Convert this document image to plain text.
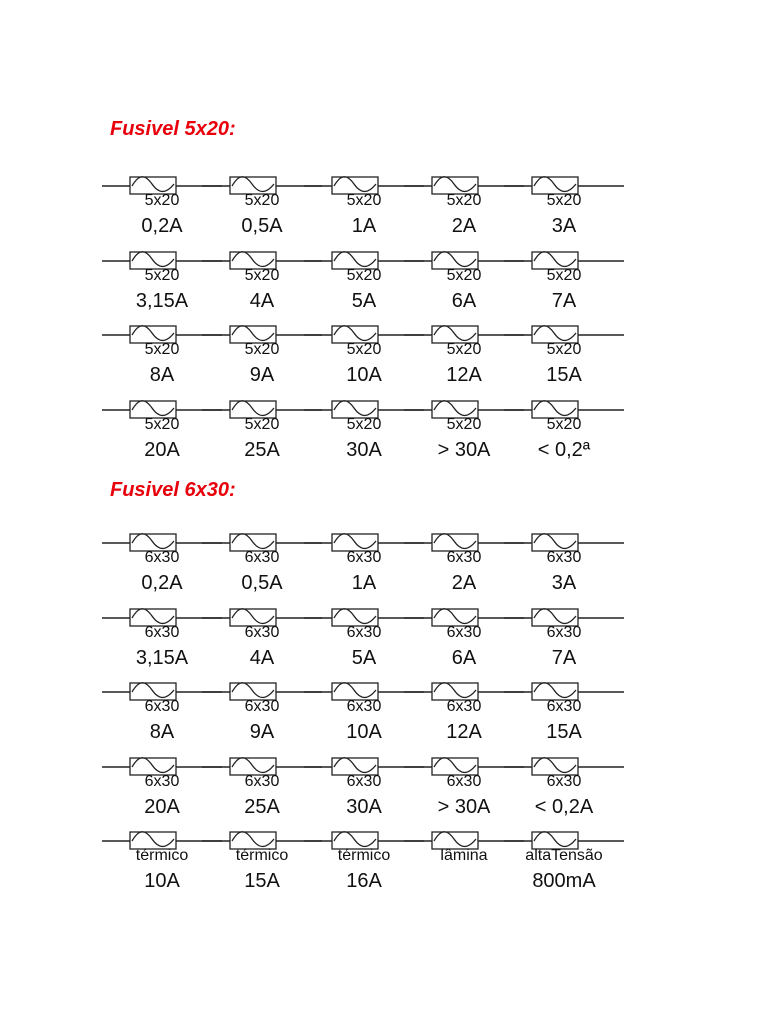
Fusivel 5x20:
5x20
0,2A
5x20
0,5A
5x20
1A
5x20
2A
5x20
3A
5x20
3,15A
5x20
4A
5x20
5A
5x20
6A
5x20
7A
5x20
8A
5x20
9A
5x20
10A
5x20
12A
5x20
15A
5x20
20A
5x20
25A
5x20
30A
5x20
> 30A
5x20
< 0,2ª
Fusivel 6x30:
6x30
0,2A
6x30
0,5A
6x30
1A
6x30
2A
6x30
3A
6x30
3,15A
6x30
4A
6x30
5A
6x30
6A
6x30
7A
6x30
8A
6x30
9A
6x30
10A
6x30
12A
6x30
15A
6x30
20A
6x30
25A
6x30
30A
6x30
> 30A
6x30
< 0,2A
térmico
10A
térmico
15A
térmico
16A
lâmina	altaTensão
800mA
